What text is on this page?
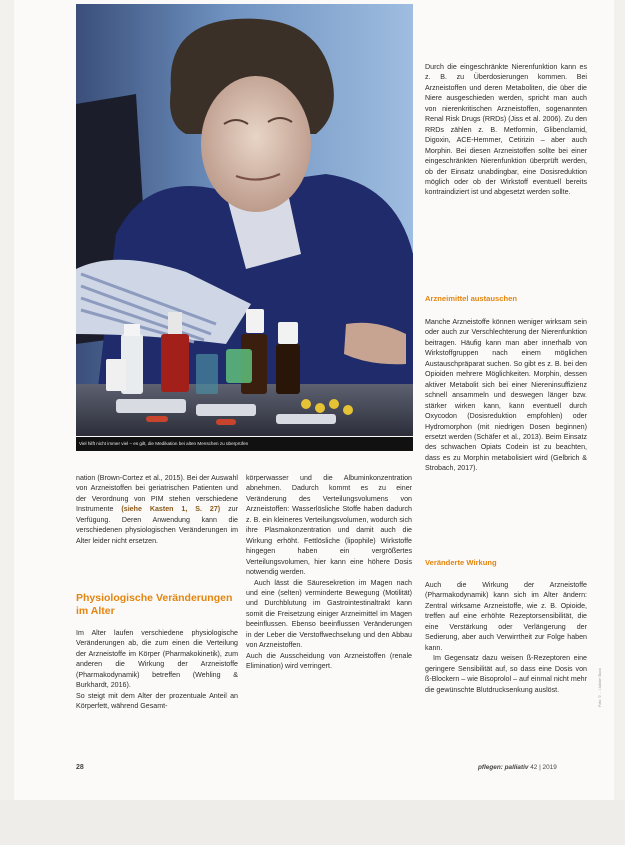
Viel hilft nicht immer viel – es gilt, die Medikation bei alten Menschen zu überprüfen

nation (Brown-Cortez et al., 2015). Bei der Auswahl von Arzneistoffen bei geriatrischen Patienten und der Verordnung von PIM stehen verschiedene Instrumente (siehe Kasten 1, S. 27) zur Verfügung. Deren Anwendung kann die verschiedenen physiologischen Veränderungen im Alter leider nicht ersetzen.

Physiologische Veränderungen im Alter

Im Alter laufen verschiedene physiologische Veränderungen ab, die zum einen die Verteilung der Arzneistoffe im Körper (Pharmakokinetik), zum anderen die Wirkung der Arzneistoffe (Pharmakodynamik) betreffen (Wehling & Burkhardt, 2016).

So steigt mit dem Alter der prozentuale Anteil an Körperfett, während Gesamt-

körperwasser und die Albuminkonzentration abnehmen. Dadurch kommt es zu einer Veränderung des Verteilungsvolumens von Arzneistoffen: Wasserlösliche Stoffe haben dadurch z. B. ein kleineres Verteilungsvolumen, wodurch sich ihre Plasmakonzentration und damit auch die Wirkung erhöht. Fettlösliche (lipophile) Wirkstoffe hingegen haben ein vergrößertes Verteilungsvolumen, hier kann eine höhere Dosis notwendig werden.

Auch lässt die Säuresekretion im Magen nach und eine (selten) verminderte Bewegung (Motilität) und Durchblutung im Gastrointestinaltrakt kann somit die Freisetzung einiger Arzneimittel im Magen beeinflussen. Ebenso beeinflussen Veränderungen in der Leber die Verstoffwechselung und den Abbau von Arzneistoffen.

Auch die Ausscheidung von Arzneistoffen (renale Elimination) wird verringert.

Durch die eingeschränkte Nierenfunktion kann es z. B. zu Überdosierungen kommen. Bei Arzneistoffen und deren Metaboliten, die über die Niere ausgeschieden werden, spricht man auch von nierenkritischen Arzneistoffen, sogenannten Renal Risk Drugs (RRDs) (Jiss et al. 2006). Zu den RRDs zählen z. B. Metformin, Glibenclamid, Digoxin, ACE-Hemmer, Cetirizin – aber auch Morphin. Bei diesen Arzneistoffen sollte bei einer eingeschränkten Nierenfunktion überprüft werden, ob der Einsatz unabdingbar, eine Dosisreduktion möglich oder ob der Wirkstoff eventuell bereits kontraindiziert ist und abgesetzt werden sollte.

Arzneimittel austauschen

Manche Arzneistoffe können weniger wirksam sein oder auch zur Verschlechterung der Nierenfunktion beitragen. Häufig kann man aber innerhalb von Wirkstoffgruppen nach einem möglichen Austauschpräparat suchen. So gibt es z. B. bei den Opioiden mehrere Möglichkeiten. Morphin, dessen aktiver Metabolit sich bei einer Niereninsuffizienz schnell ansammeln und deswegen länger bzw. stärker wirken kann, kann eventuell durch Oxycodon (Dosisreduktion empfohlen) oder Hydromorphon (mit niedrigen Dosen beginnen) ersetzt werden (Schäfer et al., 2013). Beim Einsatz des schwachen Opiats Codein ist zu beachten, dass es zu Morphin metabolisiert wird (Gelbrich & Strobach, 2017).

Veränderte Wirkung

Auch die Wirkung der Arzneistoffe (Pharmakodynamik) kann sich im Alter ändern: Zentral wirksame Arzneistoffe, wie z. B. Opioide, treffen auf eine erhöhte Rezeptorsensibilität, die eine Verstärkung oder Verlängerung der Sedierung, aber auch Verwirrtheit zur Folge haben kann.

Im Gegensatz dazu weisen ß-Rezeptoren eine geringere Sensibilität auf, so dass eine Dosis von ß-Blockern – wie Bisoprolol – auf einmal nicht mehr die gewünschte Blutdrucksenkung auslöst.

28	pflegen: palliativ 42 | 2019
Foto: © ... / Adobe Stock
